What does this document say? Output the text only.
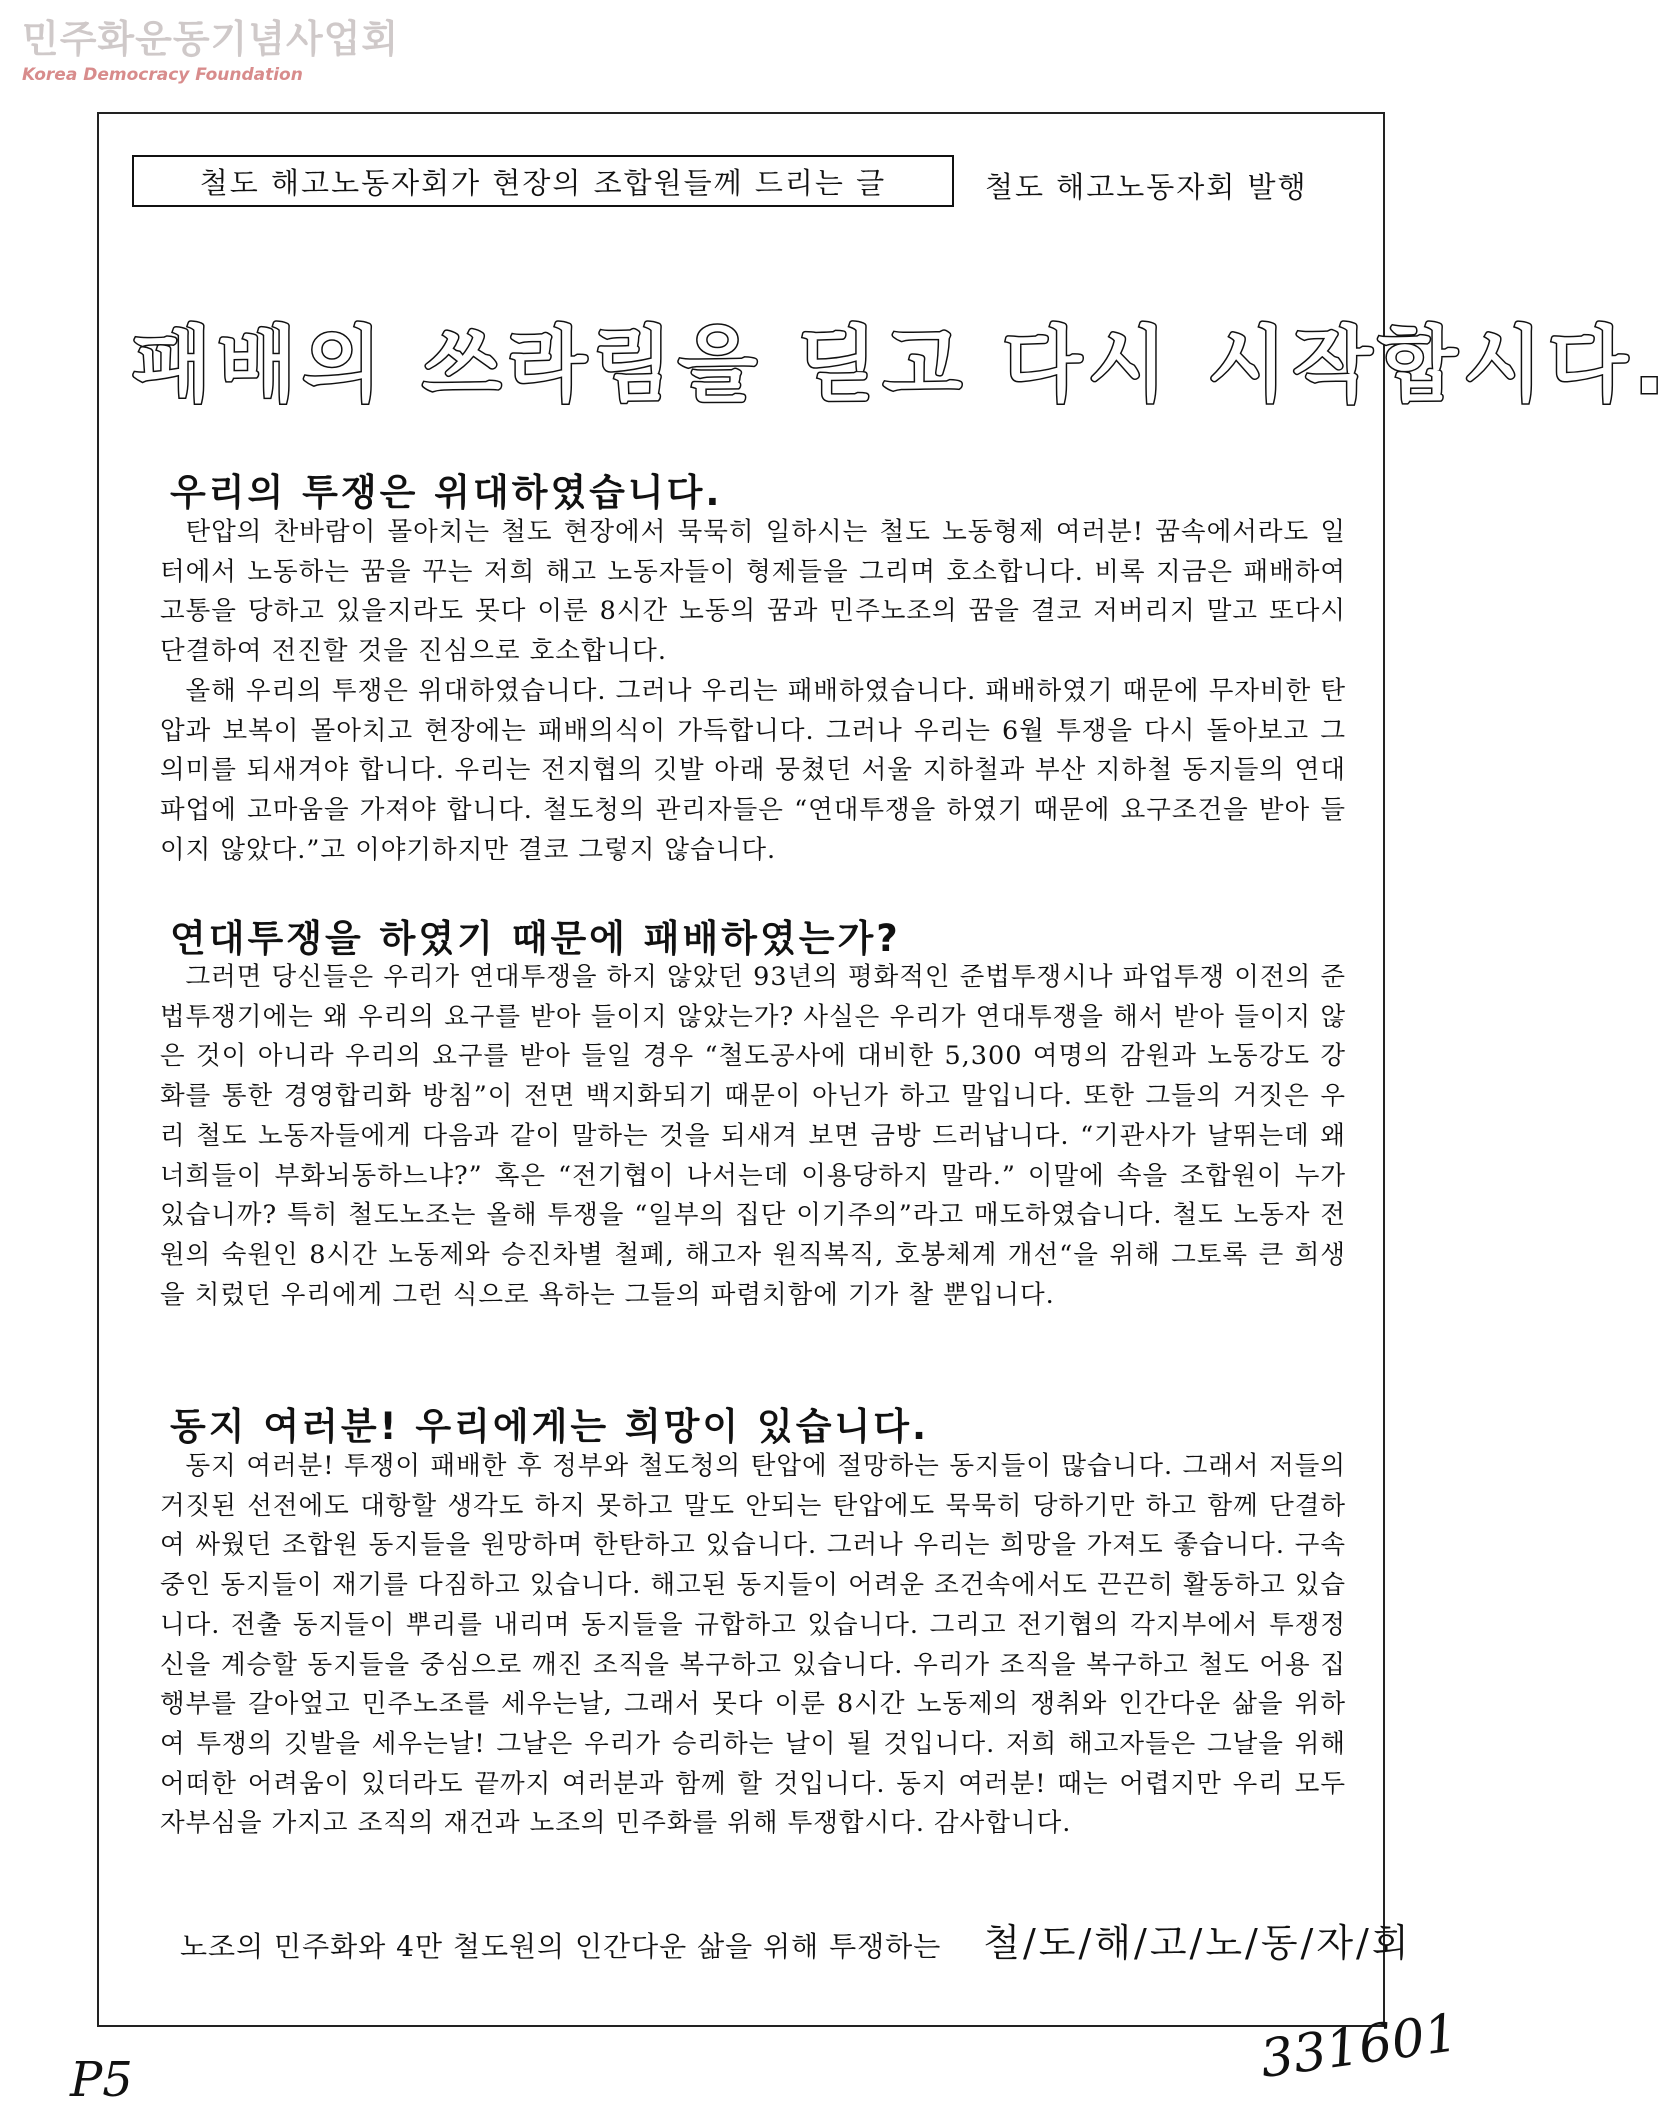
민주화운동기념사업회
Korea Democracy Foundation
철도 해고노동자회가 현장의 조합원들께 드리는 글	철도 해고노동자회 발행
패배의 쓰라림을 딛고 다시 시작합시다.
우리의 투쟁은 위대하였습니다.

탄압의 찬바람이 몰아치는 철도 현장에서 묵묵히 일하시는 철도 노동형제 여러분! 꿈속에서라도 일터에서 노동하는 꿈을 꾸는 저희 해고 노동자들이 형제들을 그리며 호소합니다. 비록 지금은 패배하여 고통을 당하고 있을지라도 못다 이룬 8시간 노동의 꿈과 민주노조의 꿈을 결코 저버리지 말고 또다시 단결하여 전진할 것을 진심으로 호소합니다.

올해 우리의 투쟁은 위대하였습니다. 그러나 우리는 패배하였습니다. 패배하였기 때문에 무자비한 탄압과 보복이 몰아치고 현장에는 패배의식이 가득합니다. 그러나 우리는 6월 투쟁을 다시 돌아보고 그 의미를 되새겨야 합니다. 우리는 전지협의 깃발 아래 뭉쳤던 서울 지하철과 부산 지하철 동지들의 연대파업에 고마움을 가져야 합니다. 철도청의 관리자들은 “연대투쟁을 하였기 때문에 요구조건을 받아 들이지 않았다.”고 이야기하지만 결코 그렇지 않습니다.

연대투쟁을 하였기 때문에 패배하였는가?

그러면 당신들은 우리가 연대투쟁을 하지 않았던 93년의 평화적인 준법투쟁시나 파업투쟁 이전의 준법투쟁기에는 왜 우리의 요구를 받아 들이지 않았는가? 사실은 우리가 연대투쟁을 해서 받아 들이지 않은 것이 아니라 우리의 요구를 받아 들일 경우 “철도공사에 대비한 5,300 여명의 감원과 노동강도 강화를 통한 경영합리화 방침”이 전면 백지화되기 때문이 아닌가 하고 말입니다. 또한 그들의 거짓은 우리 철도 노동자들에게 다음과 같이 말하는 것을 되새겨 보면 금방 드러납니다. “기관사가 날뛰는데 왜 너희들이 부화뇌동하느냐?” 혹은 “전기협이 나서는데 이용당하지 말라.” 이말에 속을 조합원이 누가 있습니까? 특히 철도노조는 올해 투쟁을 “일부의 집단 이기주의”라고 매도하였습니다. 철도 노동자 전원의 숙원인 8시간 노동제와 승진차별 철폐, 해고자 원직복직, 호봉체계 개선“을 위해 그토록 큰 희생을 치렀던 우리에게 그런 식으로 욕하는 그들의 파렴치함에 기가 찰 뿐입니다.

동지 여러분! 우리에게는 희망이 있습니다.

동지 여러분! 투쟁이 패배한 후 정부와 철도청의 탄압에 절망하는 동지들이 많습니다. 그래서 저들의 거짓된 선전에도 대항할 생각도 하지 못하고 말도 안되는 탄압에도 묵묵히 당하기만 하고 함께 단결하여 싸웠던 조합원 동지들을 원망하며 한탄하고 있습니다. 그러나 우리는 희망을 가져도 좋습니다. 구속중인 동지들이 재기를 다짐하고 있습니다. 해고된 동지들이 어려운 조건속에서도 끈끈히 활동하고 있습니다. 전출 동지들이 뿌리를 내리며 동지들을 규합하고 있습니다. 그리고 전기협의 각지부에서 투쟁정신을 계승할 동지들을 중심으로 깨진 조직을 복구하고 있습니다. 우리가 조직을 복구하고 철도 어용 집행부를 갈아엎고 민주노조를 세우는날, 그래서 못다 이룬 8시간 노동제의 쟁취와 인간다운 삶을 위하여 투쟁의 깃발을 세우는날! 그날은 우리가 승리하는 날이 될 것입니다. 저희 해고자들은 그날을 위해 어떠한 어려움이 있더라도 끝까지 여러분과 함께 할 것입니다. 동지 여러분! 때는 어렵지만 우리 모두 자부심을 가지고 조직의 재건과 노조의 민주화를 위해 투쟁합시다. 감사합니다.

노조의 민주화와 4만 철도원의 인간다운 삶을 위해 투쟁하는 철/도/해/고/노/동/자/회
P5	331601
